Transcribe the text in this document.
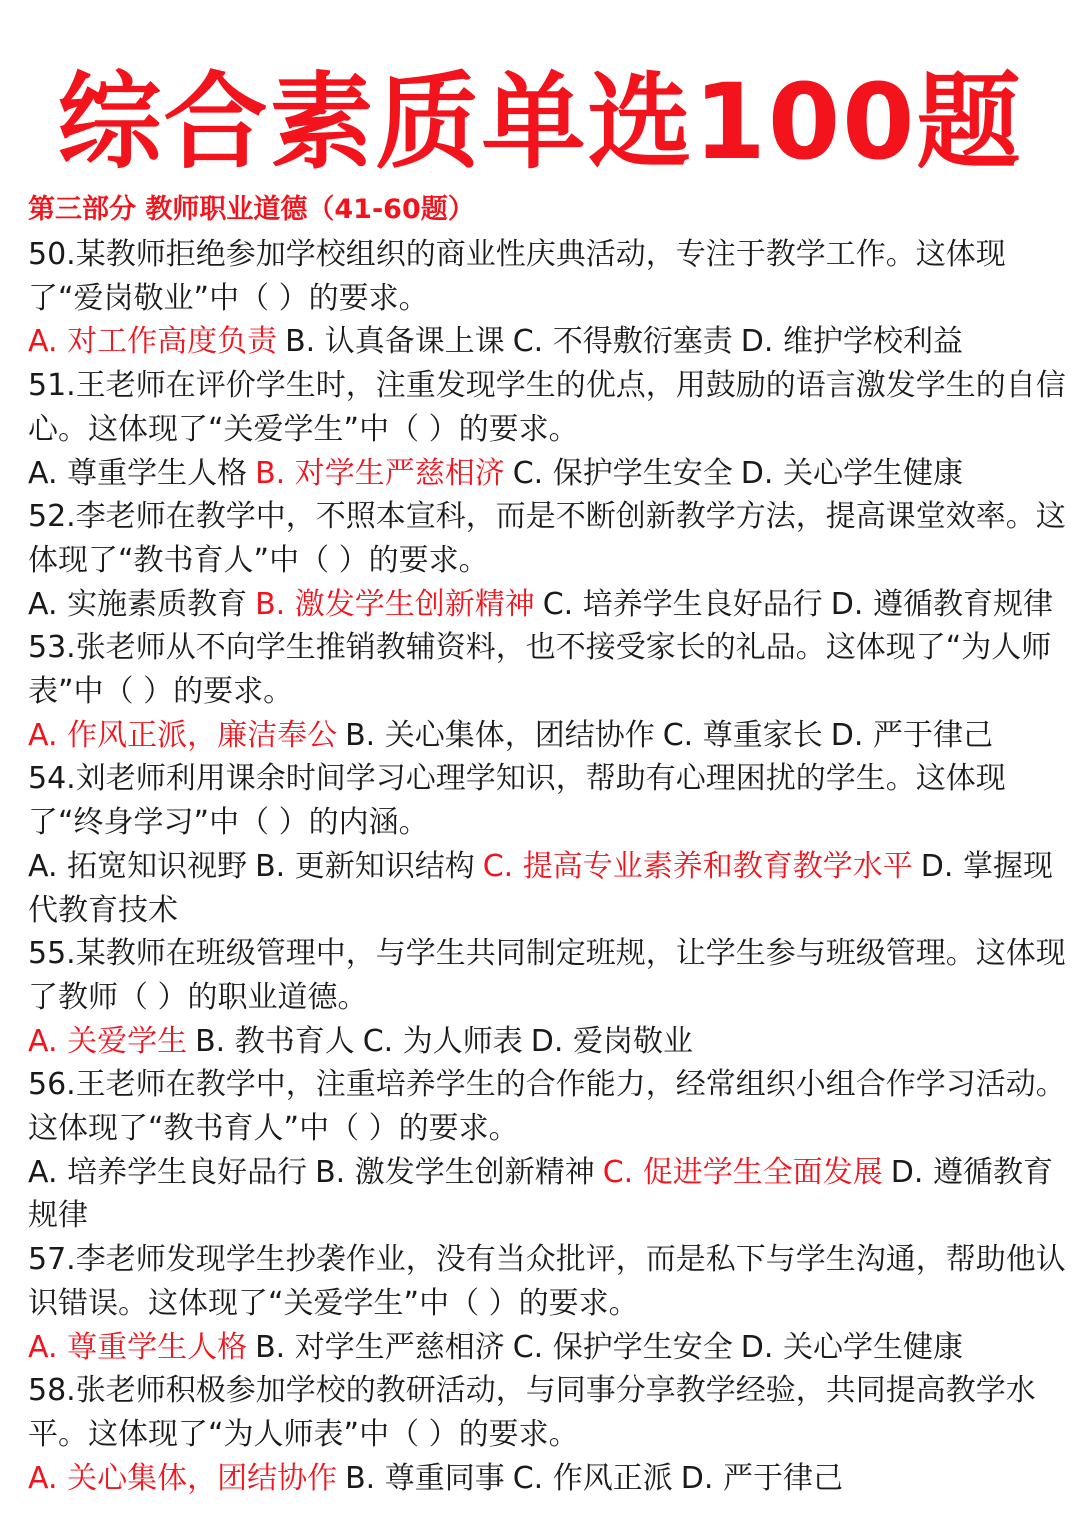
综合素质单选100题
第三部分 教师职业道德（41-60题）

50.某教师拒绝参加学校组织的商业性庆典活动，专注于教学工作。这体现了“爱岗敬业”中（ ）的要求。

A. 对工作高度负责 B. 认真备课上课 C. 不得敷衍塞责 D. 维护学校利益

51.王老师在评价学生时，注重发现学生的优点，用鼓励的语言激发学生的自信心。这体现了“关爱学生”中（ ）的要求。

A. 尊重学生人格 B. 对学生严慈相济 C. 保护学生安全 D. 关心学生健康

52.李老师在教学中，不照本宣科，而是不断创新教学方法，提高课堂效率。这体现了“教书育人”中（ ）的要求。

A. 实施素质教育 B. 激发学生创新精神 C. 培养学生良好品行 D. 遵循教育规律

53.张老师从不向学生推销教辅资料，也不接受家长的礼品。这体现了“为人师表”中（ ）的要求。

A. 作风正派，廉洁奉公 B. 关心集体，团结协作 C. 尊重家长 D. 严于律己

54.刘老师利用课余时间学习心理学知识，帮助有心理困扰的学生。这体现了“终身学习”中（ ）的内涵。

A. 拓宽知识视野 B. 更新知识结构 C. 提高专业素养和教育教学水平 D. 掌握现代教育技术

55.某教师在班级管理中，与学生共同制定班规，让学生参与班级管理。这体现了教师（ ）的职业道德。

A. 关爱学生 B. 教书育人 C. 为人师表 D. 爱岗敬业

56.王老师在教学中，注重培养学生的合作能力，经常组织小组合作学习活动。这体现了“教书育人”中（ ）的要求。

A. 培养学生良好品行 B. 激发学生创新精神 C. 促进学生全面发展 D. 遵循教育规律

57.李老师发现学生抄袭作业，没有当众批评，而是私下与学生沟通，帮助他认识错误。这体现了“关爱学生”中（ ）的要求。

A. 尊重学生人格 B. 对学生严慈相济 C. 保护学生安全 D. 关心学生健康

58.张老师积极参加学校的教研活动，与同事分享教学经验，共同提高教学水平。这体现了“为人师表”中（ ）的要求。

A. 关心集体，团结协作 B. 尊重同事 C. 作风正派 D. 严于律己
